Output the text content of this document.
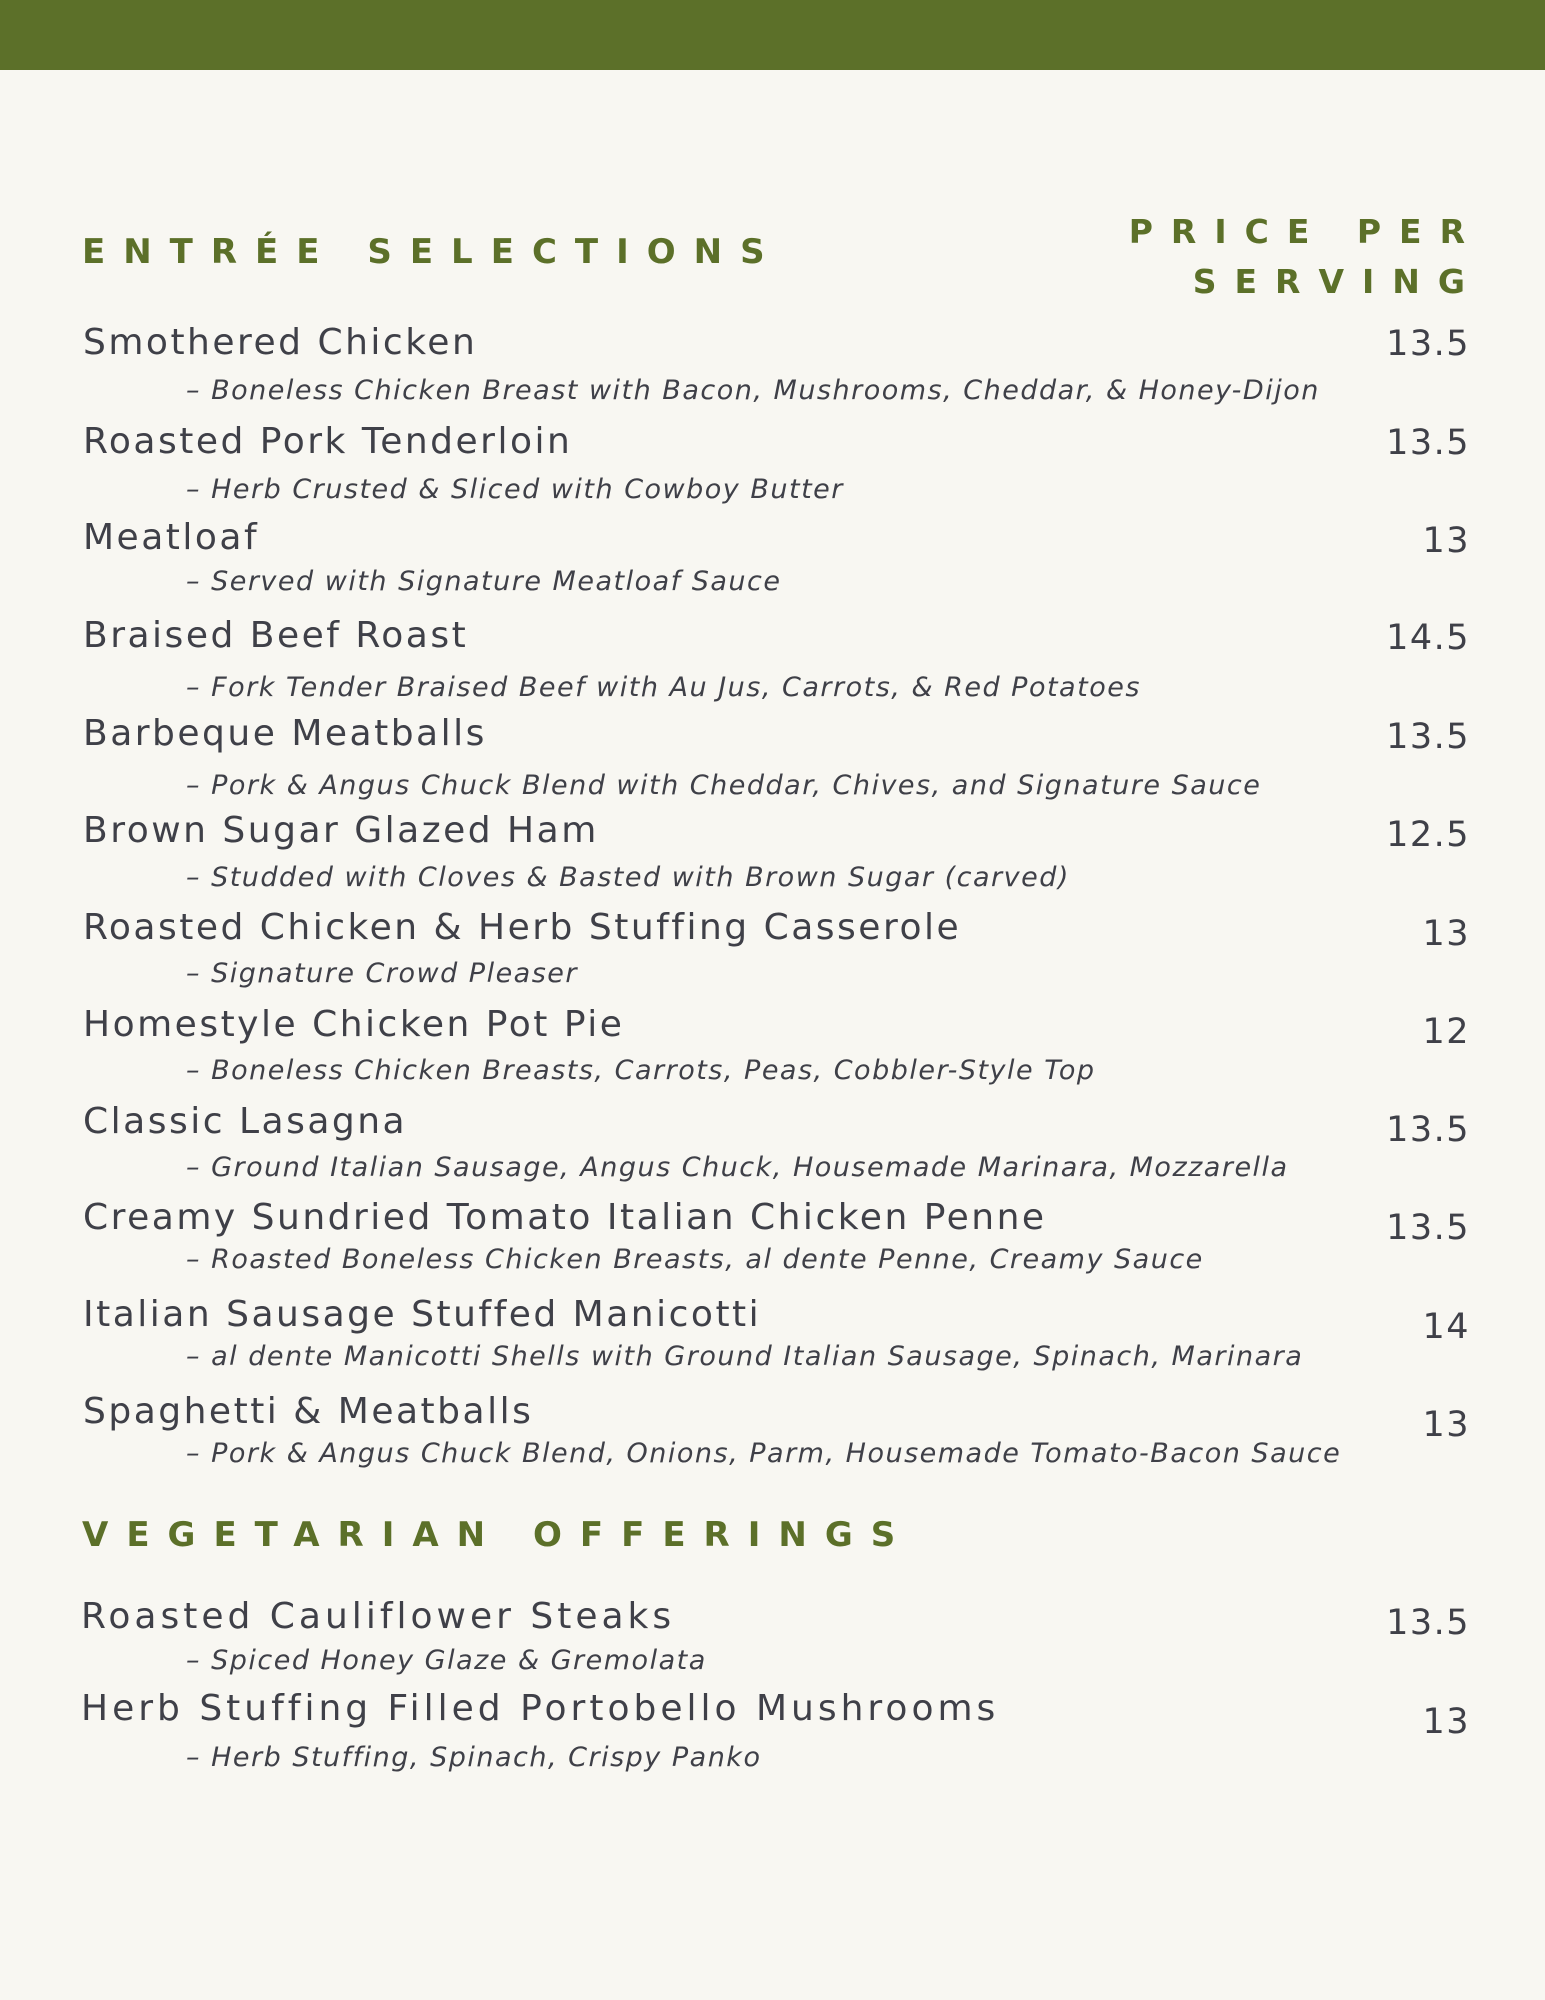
ENTRÉE SELECTIONS
PRICE PER
SERVING
Smothered Chicken
– Boneless Chicken Breast with Bacon, Mushrooms, Cheddar, & Honey-Dijon
13.5
Roasted Pork Tenderloin
– Herb Crusted & Sliced with Cowboy Butter
13.5
Meatloaf
– Served with Signature Meatloaf Sauce
13
Braised Beef Roast
– Fork Tender Braised Beef with Au Jus, Carrots, & Red Potatoes
14.5
Barbeque Meatballs
– Pork & Angus Chuck Blend with Cheddar, Chives, and Signature Sauce
13.5
Brown Sugar Glazed Ham
– Studded with Cloves & Basted with Brown Sugar (carved)
12.5
Roasted Chicken & Herb Stuffing Casserole
– Signature Crowd Pleaser
13
Homestyle Chicken Pot Pie
– Boneless Chicken Breasts, Carrots, Peas, Cobbler-Style Top
12
Classic Lasagna
– Ground Italian Sausage, Angus Chuck, Housemade Marinara, Mozzarella
13.5
Creamy Sundried Tomato Italian Chicken Penne
– Roasted Boneless Chicken Breasts, al dente Penne, Creamy Sauce
13.5
Italian Sausage Stuffed Manicotti
– al dente Manicotti Shells with Ground Italian Sausage, Spinach, Marinara
14
Spaghetti & Meatballs
– Pork & Angus Chuck Blend, Onions, Parm, Housemade Tomato-Bacon Sauce
13
VEGETARIAN OFFERINGS
Roasted Cauliflower Steaks
– Spiced Honey Glaze & Gremolata
13.5
Herb Stuffing Filled Portobello Mushrooms
– Herb Stuffing, Spinach, Crispy Panko
13
